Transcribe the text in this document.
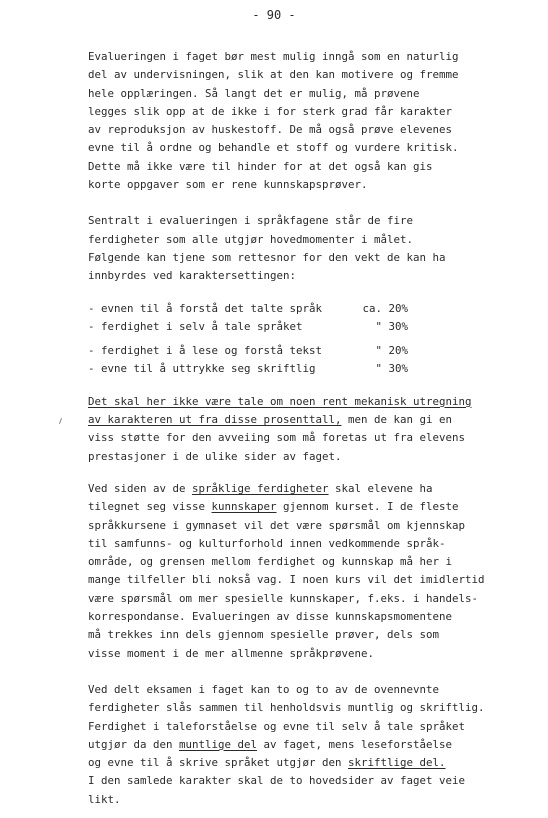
- 90 -

Evalueringen i faget bør mest mulig inngå som en naturlig
del av undervisningen, slik at den kan motivere og fremme
hele opplæringen. Så langt det er mulig, må prøvene
legges slik opp at de ikke i for sterk grad får karakter
av reproduksjon av huskestoff. De må også prøve elevenes
evne til å ordne og behandle et stoff og vurdere kritisk.
Dette må ikke være til hinder for at det også kan gis
korte oppgaver som er rene kunnskapsprøver.

Sentralt i evalueringen i språkfagene står de fire
ferdigheter som alle utgjør hovedmomenter i målet.
Følgende kan tjene som rettesnor for den vekt de kan ha
innbyrdes ved karaktersettingen:

- evnen til å forstå det talte språk	ca. 20%
- ferdighet i selv å tale språket	" 30%
- ferdighet i å lese og forstå tekst	" 20%
- evne til å uttrykke seg skriftlig	" 30%

Det skal her ikke være tale om noen rent mekanisk utregning
av karakteren ut fra disse prosenttall, men de kan gi en
viss støtte for den avveiing som må foretas ut fra elevens
prestasjoner i de ulike sider av faget.

Ved siden av de språklige ferdigheter skal elevene ha
tilegnet seg visse kunnskaper gjennom kurset. I de fleste
språkkursene i gymnaset vil det være spørsmål om kjennskap
til samfunns- og kulturforhold innen vedkommende språk-
område, og grensen mellom ferdighet og kunnskap må her i
mange tilfeller bli nokså vag. I noen kurs vil det imidlertid
være spørsmål om mer spesielle kunnskaper, f.eks. i handels-
korrespondanse. Evalueringen av disse kunnskapsmomentene
må trekkes inn dels gjennom spesielle prøver, dels som
visse moment i de mer allmenne språkprøvene.

Ved delt eksamen i faget kan to og to av de ovennevnte
ferdigheter slås sammen til henholdsvis muntlig og skriftlig.
Ferdighet i taleforståelse og evne til selv å tale språket
utgjør da den muntlige del av faget, mens leseforståelse
og evne til å skrive språket utgjør den skriftlige del.
I den samlede karakter skal de to hovedsider av faget veie
likt.
